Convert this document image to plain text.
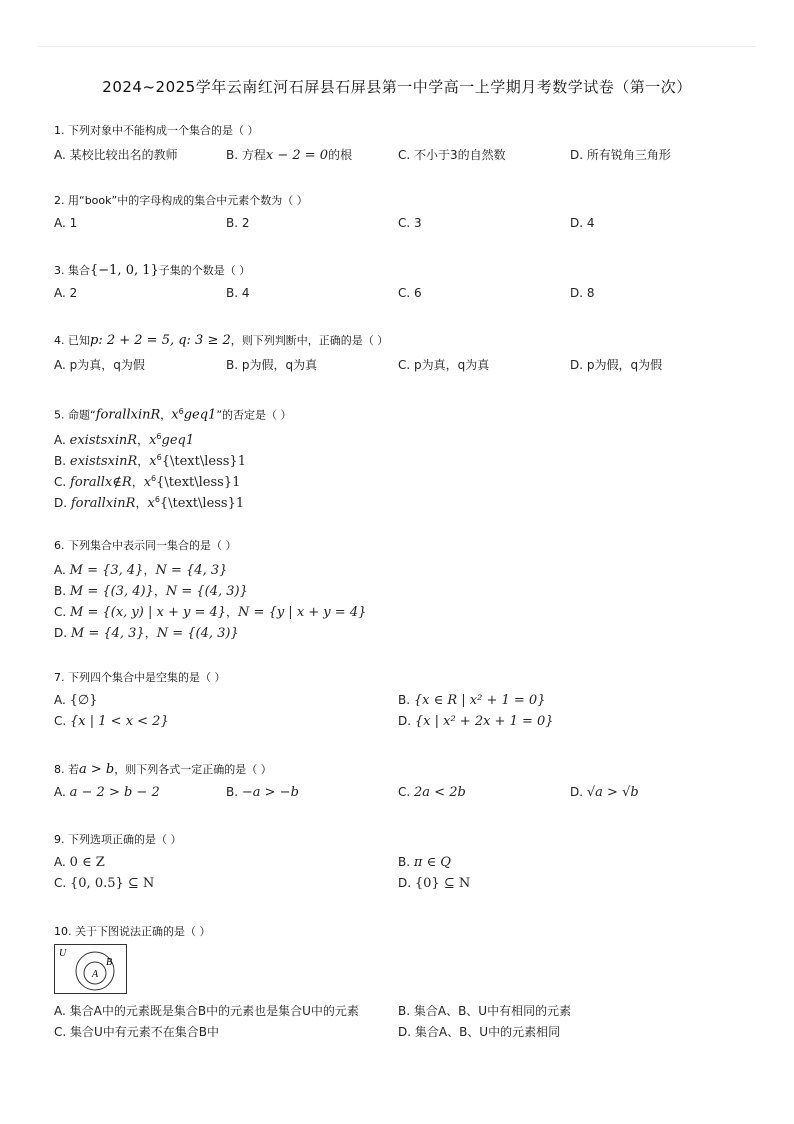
2024~2025学年云南红河石屏县石屏县第一中学高一上学期月考数学试卷（第一次）
1. 下列对象中不能构成一个集合的是（ ）
A. 某校比较出名的教师	B. 方程x − 2 = 0的根	C. 不小于3的自然数	D. 所有锐角三角形
2. 用“book”中的字母构成的集合中元素个数为（ ）
A. 1	B. 2	C. 3	D. 4
3. 集合{−1, 0, 1}子集的个数是（ ）
A. 2	B. 4	C. 6	D. 8
4. 已知p: 2 + 2 = 5, q: 3 ≥ 2，则下列判断中，正确的是（ ）
A. p为真，q为假	B. p为假，q为真	C. p为真，q为真	D. p为假，q为假
5. 命题“forallxinR，$x^6geq1$”的否定是（ ）
A. existsxinR，$x^6geq1$
B. existsxinR，$x^6\{\backslash text\backslash less\}1$
C. forallx∉R，$x^6\{\backslash text\backslash less\}1$
D. forallxinR，$x^6\{\backslash text\backslash less\}1$
6. 下列集合中表示同一集合的是（ ）
A. M = {3, 4}，N = {4, 3}
B. M = {(3, 4)}，N = {(4, 3)}
C. M = {(x, y) | x + y = 4}，N = {y | x + y = 4}
D. M = {4, 3}，N = {(4, 3)}
7. 下列四个集合中是空集的是（ ）
A. {∅}	B. {x ∈ R | x² + 1 = 0}
C. {x | 1 < x < 2}	D. {x | x² + 2x + 1 = 0}
8. 若a > b，则下列各式一定正确的是（ ）
A. a − 2 > b − 2	B. −a > −b	C. 2a < 2b	D. √a > √b
9. 下列选项正确的是（ ）
A. 0 ∈ Z	B. π ∈ Q
C. {0, 0.5} ⊆ N	D. {0} ⊆ N
10. 关于下图说法正确的是（ ）
U
B
A
A. 集合A中的元素既是集合B中的元素也是集合U中的元素	B. 集合A、B、U中有相同的元素
C. 集合U中有元素不在集合B中	D. 集合A、B、U中的元素相同
